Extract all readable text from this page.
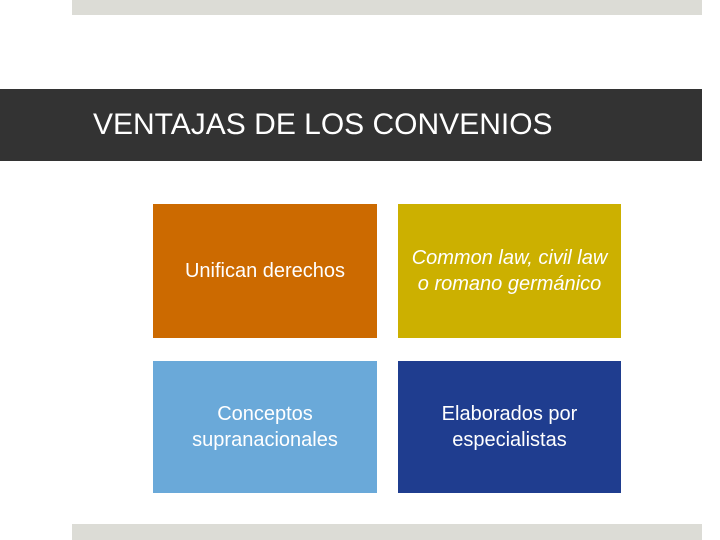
VENTAJAS DE LOS CONVENIOS
Unifican derechos
Common law, civil law o romano germánico
Conceptos supranacionales
Elaborados por especialistas
